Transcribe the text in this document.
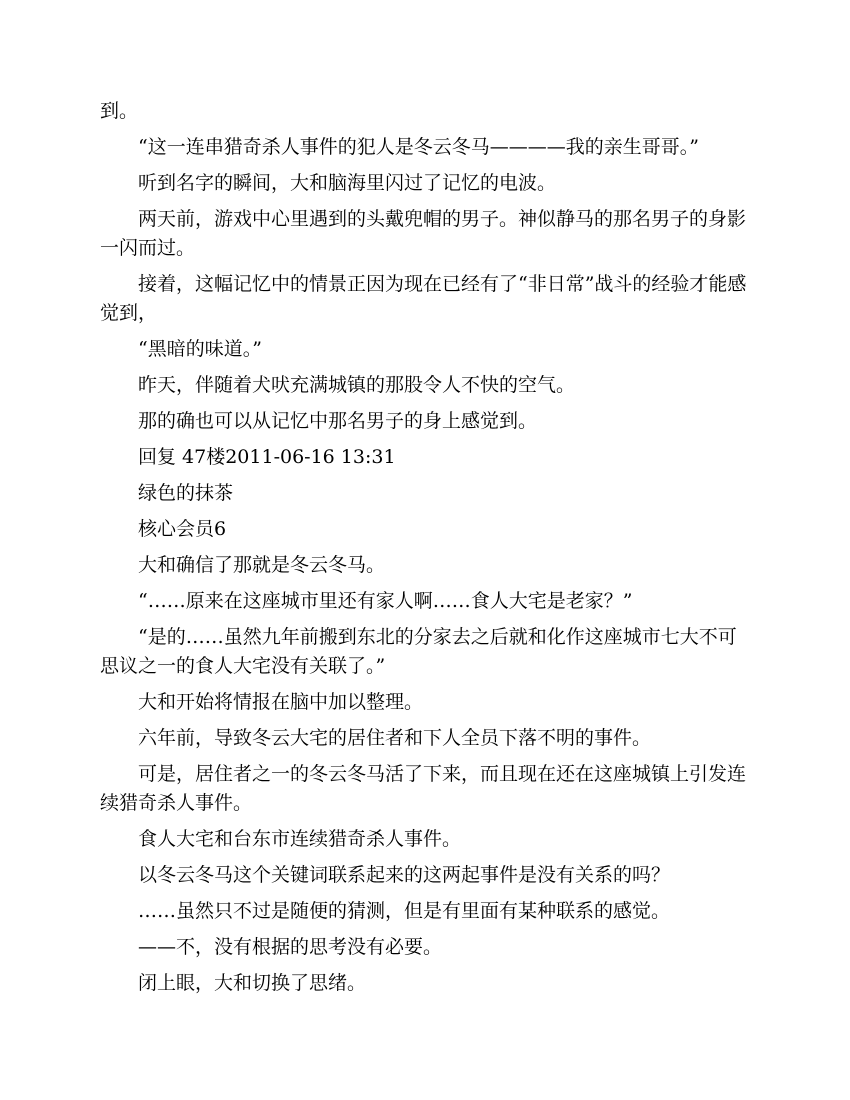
到。

“这一连串猎奇杀人事件的犯人是冬云冬马————我的亲生哥哥。”

听到名字的瞬间，大和脑海里闪过了记忆的电波。

两天前，游戏中心里遇到的头戴兜帽的男子。神似静马的那名男子的身影一闪而过。

接着，这幅记忆中的情景正因为现在已经有了“非日常”战斗的经验才能感觉到，

“黑暗的味道。”

昨天，伴随着犬吠充满城镇的那股令人不快的空气。

那的确也可以从记忆中那名男子的身上感觉到。

回复 47楼2011-06-16 13:31

绿色的抹茶

核心会员6

大和确信了那就是冬云冬马。

“……原来在这座城市里还有家人啊……食人大宅是老家？”

“是的……虽然九年前搬到东北的分家去之后就和化作这座城市七大不可思议之一的食人大宅没有关联了。”

大和开始将情报在脑中加以整理。

六年前，导致冬云大宅的居住者和下人全员下落不明的事件。

可是，居住者之一的冬云冬马活了下来，而且现在还在这座城镇上引发连续猎奇杀人事件。

食人大宅和台东市连续猎奇杀人事件。

以冬云冬马这个关键词联系起来的这两起事件是没有关系的吗？

……虽然只不过是随便的猜测，但是有里面有某种联系的感觉。

——不，没有根据的思考没有必要。

闭上眼，大和切换了思绪。
